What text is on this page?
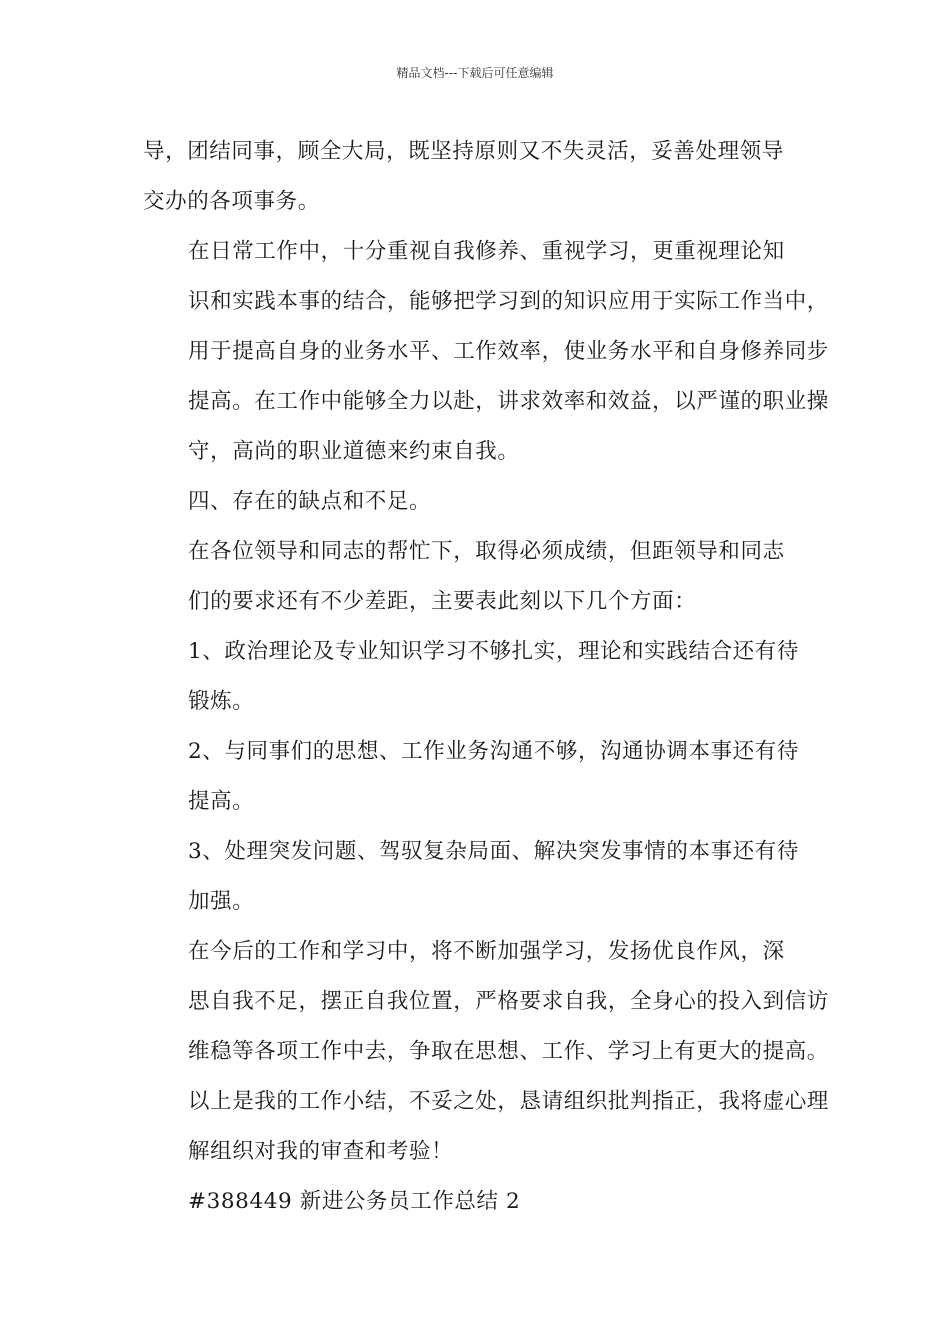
精品文档---下载后可任意编辑

导，团结同事，顾全大局，既坚持原则又不失灵活，妥善处理领导
交办的各项事务。

在日常工作中，十分重视自我修养、重视学习，更重视理论知
识和实践本事的结合，能够把学习到的知识应用于实际工作当中，
用于提高自身的业务水平、工作效率，使业务水平和自身修养同步
提高。在工作中能够全力以赴，讲求效率和效益，以严谨的职业操
守，高尚的职业道德来约束自我。

四、存在的缺点和不足。

在各位领导和同志的帮忙下，取得必须成绩，但距领导和同志
们的要求还有不少差距，主要表此刻以下几个方面：

1、政治理论及专业知识学习不够扎实，理论和实践结合还有待
锻炼。

2、与同事们的思想、工作业务沟通不够，沟通协调本事还有待
提高。

3、处理突发问题、驾驭复杂局面、解决突发事情的本事还有待
加强。

在今后的工作和学习中，将不断加强学习，发扬优良作风，深
思自我不足，摆正自我位置，严格要求自我，全身心的投入到信访
维稳等各项工作中去，争取在思想、工作、学习上有更大的提高。
以上是我的工作小结，不妥之处，恳请组织批判指正，我将虚心理
解组织对我的审查和考验！

#388449 新进公务员工作总结 2
